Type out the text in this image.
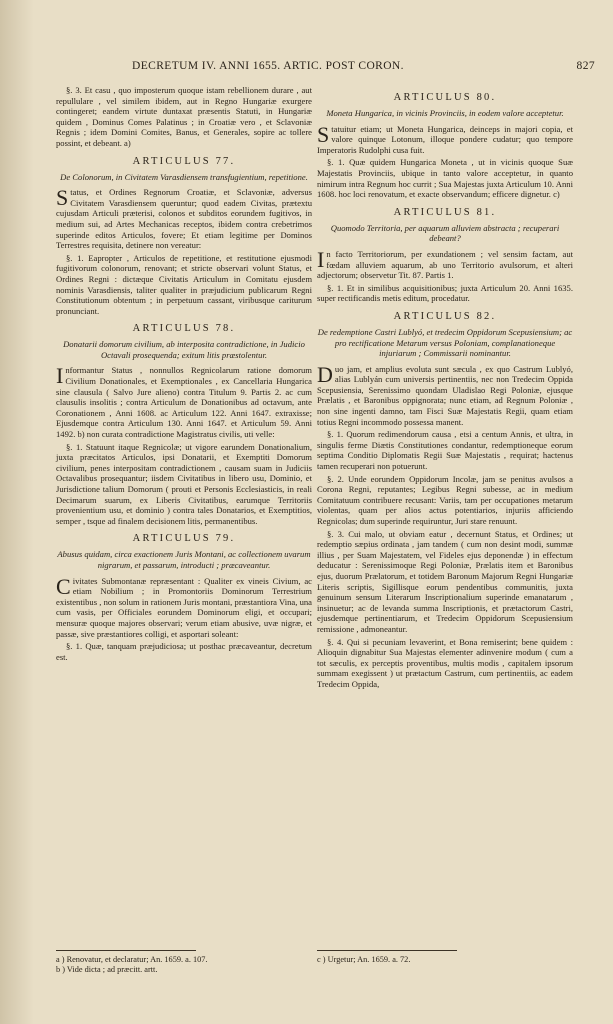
DECRETUM IV. ANNI 1655. ARTIC. POST CORON.	827

§. 3. Et casu , quo imposterum quoque istam rebellionem durare , aut repullulare , vel similem ibidem, aut in Regno Hungariæ exurgere contingeret; eandem virtute duntaxat præsentis Statuti, in Hungariæ quidem , Dominus Comes Palatinus ; in Croatiæ vero , et Sclavoniæ Regnis ; idem Domini Comites, Banus, et Generales, sopire ac tollere possint, et debeant. a)

ARTICULUS 77.
De Colonorum, in Civitatem Varasdiensem transfugientium, repetitione.

Status, et Ordines Regnorum Croatiæ, et Sclavoniæ, adversus Civitatem Varasdiensem queruntur; quod eadem Civitas, prætextu cujusdam Articuli præterisi, colonos et subditos eorundem fugitivos, in medium sui, ad Artes Mechanicas receptos, ibidem contra crebetrimos superinde editos Articulos, fovere; Et etiam legitime per Dominos Terrestres requisita, detinere non vereatur:

§. 1. Eapropter , Articulos de repetitione, et restitutione ejusmodi fugitivorum colonorum, renovant; et stricte observari volunt Status, et Ordines Regni : dictæque Civitatis Articulum in Comitatu ejusdem nominis Varasdiensis, taliter qualiter in præjudicium publicarum Regni Constitutionum obtentum ; in perpetuum cassant, viribusque cariturum pronunciant.

ARTICULUS 78.
Donatarii domorum civilium, ab interposita contradictione, in Judicio Octavali prosequenda; exitum litis præstolentur.

Informantur Status , nonnullos Regnicolarum ratione domorum Civilium Donationales, et Exemptionales , ex Cancellaria Hungarica sine clausula ( Salvo Jure alieno) contra Titulum 9. Partis 2. ac cum clausulis insolitis ; contra Articulum de Donationibus ad octavum, ante Coronationem , Anni 1608. ac Articulum 122. Anni 1647. extraxisse; Ejusdemque contra Articulum 130. Anni 1647. et Articulum 59. Anni 1492. b) non curata contradictione Magistratus civilis, uti velle:

§. 1. Statuunt itaque Regnicolæ; ut vigore earundem Donationalium, juxta præcitatos Articulos, ipsi Donatarii, et Exemptiti Domorum civilium, penes interpositam contradictionem , causam suam in Judiciis Octavalibus prosequantur; iisdem Civitatibus in libero usu, Dominio, et Jurisdictione talium Domorum ( prouti et Personis Ecclesiasticis, in reali Decimarum suarum, ex Liberis Civitatibus, earumque Territoriis provenientium usu, et dominio ) contra tales Donatarios, et Exemptitios, semper , tsque ad finalem decisionem litis, permanentibus.

ARTICULUS 79.
Abusus quidam, circa exactionem Juris Montani, ac collectionem uvarum nigrarum, et passarum, introducti ; præcaveantur.

Civitates Submontanæ repræsentant : Qualiter ex vineis Civium, ac etiam Nobilium ; in Promontoriis Dominorum Terrestrium existentibus , non solum in rationem Juris montani, præstantiora Vina, una cum vasis, per Officiales eorundem Dominorum eligi, et occupari; mensuræ quoque majores observari; verum etiam abusive, uvæ nigræ, et passæ, sive præstantiores colligi, et asportari soleant:

§. 1. Quæ, tanquam præjudiciosa; ut posthac præcaveantur, decretum est.

ARTICULUS 80.
Moneta Hungarica, in vicinis Provinciis, in eodem valore acceptetur.

Statuitur etiam; ut Moneta Hungarica, deinceps in majori copia, et valore quinque Lotonum, illoque pondere cudatur; quo tempore Imperatoris Rudolphi cusa fuit.

§. 1. Quæ quidem Hungarica Moneta , ut in vicinis quoque Suæ Majestatis Provinciis, ubique in tanto valore acceptetur, in quanto nimirum intra Regnum hoc currit ; Sua Majestas juxta Articulum 10. Anni 1608. hoc loci renovatum, et exacte observandum; efficere dignetur. c)

ARTICULUS 81.
Quomodo Territoria, per aquarum alluviem abstracta ; recuperari debeant?

In facto Territoriorum, per exundationem ; vel sensim factam, aut fœdam alluviem aquarum, ab uno Territorio avulsorum, et alteri adjectorum; observetur Tit. 87. Partis 1.

§. 1. Et in similibus acquisitionibus; juxta Articulum 20. Anni 1635. super rectificandis metis editum, procedatur.

ARTICULUS 82.
De redemptione Castri Lublyó, et tredecim Oppidorum Scepusiensium; ac pro rectificatione Metarum versus Poloniam, complanationeque injuriarum ; Commissarii nominantur.

Duo jam, et amplius evoluta sunt sæcula , ex quo Castrum Lublyó, alias Lublyán cum universis pertinentiis, nec non Tredecim Oppida Scepusiensia, Serenissimo quondam Uladislao Regi Poloniæ, ejusque Prælatis , et Baronibus oppignorata; nunc etiam, ad Regnum Poloniæ , non sine ingenti damno, tam Fisci Suæ Majestatis Regii, quam etiam totius Regni incommodo possessa manent.

§. 1. Quorum redimendorum causa , etsi a centum Annis, et ultra, in singulis ferme Diætis Constitutiones condantur, redemptioneque eorum septima Conditio Diplomatis Regii Suæ Majestatis , requirat; hactenus tamen recuperari non potuerunt.

§. 2. Unde eorundem Oppidorum Incolæ, jam se penitus avulsos a Corona Regni, reputantes; Legibus Regni subesse, ac in medium Comitatuum contribuere recusant: Variis, tam per occupationes metarum violentas, quam per alios actus potentiarios, injuriis afficiendo Regnicolas; dum superinde requiruntur, Juri stare renuunt.

§. 3. Cui malo, ut obviam eatur , decernunt Status, et Ordines; ut redemptio sæpius ordinata , jam tandem ( cum non desint modi, summæ illius , per Suam Majestatem, vel Fideles ejus deponendæ ) in effectum deducatur : Serenissimoque Regi Poloniæ, Prælatis item et Baronibus ejus, duorum Prælatorum, et totidem Baronum Majorum Regni Hungariæ Literis scriptis, Sigillisque eorum pendentibus communitis, juxta genuinum sensum Literarum Inscriptionalium superinde emanatarum , insinuetur; ac de levanda summa Inscriptionis, et prætactorum Castri, ejusdemque pertinentiarum, et Tredecim Oppidorum Scepusiensium remissione , admoneantur.

§. 4. Qui si pecuniam levaverint, et Bona remiserint; bene quidem : Alioquin dignabitur Sua Majestas elementer adinvenire modum ( cum a tot sæculis, ex perceptis proventibus, multis modis , capitalem ipsorum summam exegissent ) ut prætactum Castrum, cum pertinentiis, ac eadem Tredecim Oppida,

a ) Renovatur, et declaratur; An. 1659. a. 107.
b ) Vide dicta ; ad præcitt. artt.
c ) Urgetur; An. 1659. a. 72.
